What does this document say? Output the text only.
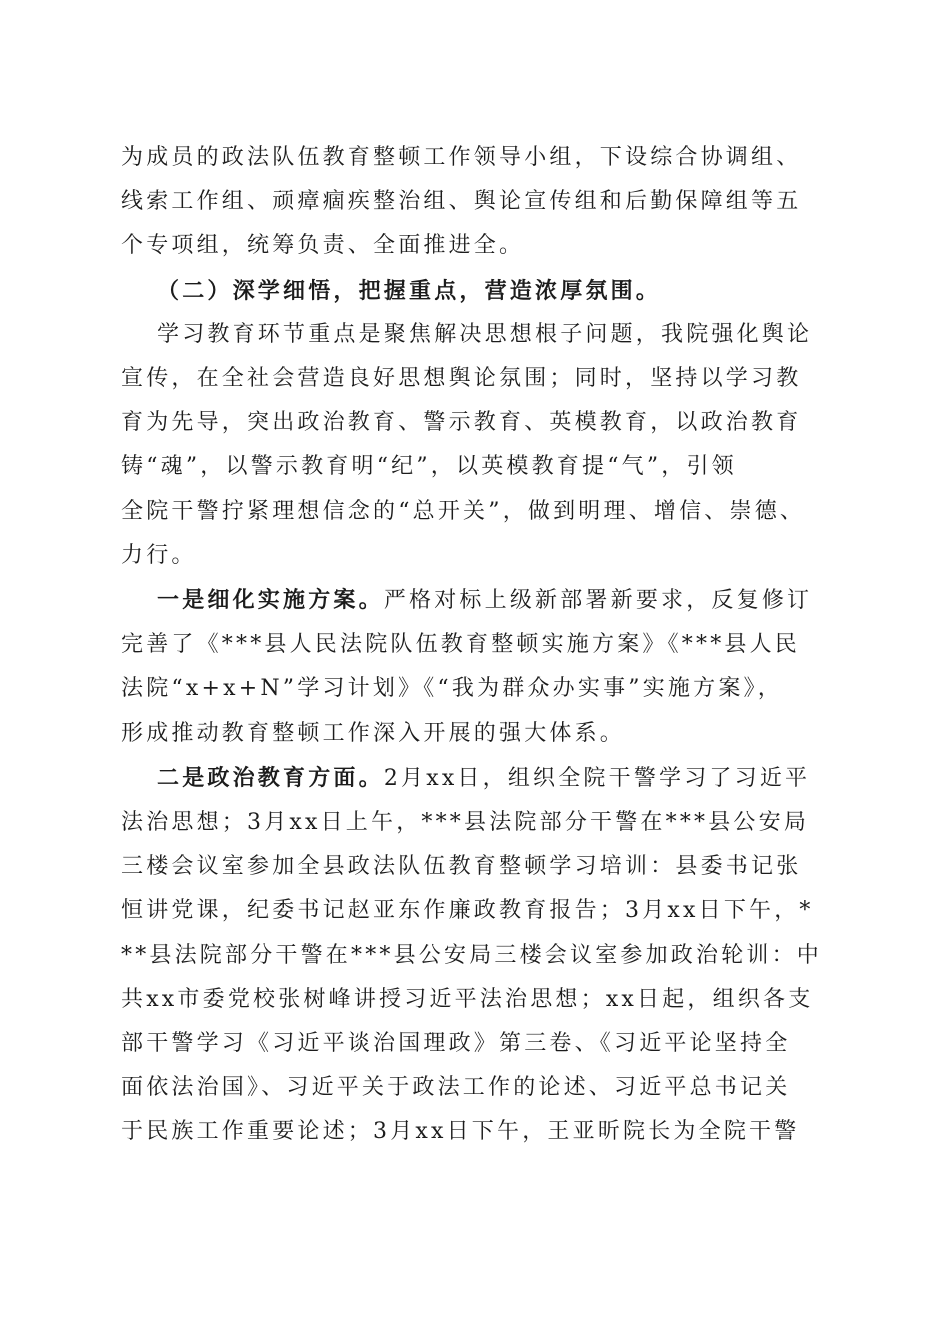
为成员的政法队伍教育整顿工作领导小组，下设综合协调组、
线索工作组、顽瘴痼疾整治组、舆论宣传组和后勤保障组等五
个专项组，统筹负责、全面推进全。

（二）深学细悟，把握重点，营造浓厚氛围。

学习教育环节重点是聚焦解决思想根子问题，我院强化舆论
宣传，在全社会营造良好思想舆论氛围；同时，坚持以学习教
育为先导，突出政治教育、警示教育、英模教育，以政治教育
铸“魂”，以警示教育明“纪”，以英模教育提“气”，引领
全院干警拧紧理想信念的“总开关”，做到明理、增信、崇德、
力行。

一是细化实施方案。严格对标上级新部署新要求，反复修订
完善了《***县人民法院队伍教育整顿实施方案》《***县人民
法院“x+x+N”学习计划》《“我为群众办实事”实施方案》，
形成推动教育整顿工作深入开展的强大体系。

二是政治教育方面。2月xx日，组织全院干警学习了习近平
法治思想；3月xx日上午，***县法院部分干警在***县公安局
三楼会议室参加全县政法队伍教育整顿学习培训：县委书记张
恒讲党课，纪委书记赵亚东作廉政教育报告；3月xx日下午，*
**县法院部分干警在***县公安局三楼会议室参加政治轮训：中
共xx市委党校张树峰讲授习近平法治思想；xx日起，组织各支
部干警学习《习近平谈治国理政》第三卷、《习近平论坚持全
面依法治国》、习近平关于政法工作的论述、习近平总书记关
于民族工作重要论述；3月xx日下午，王亚昕院长为全院干警
